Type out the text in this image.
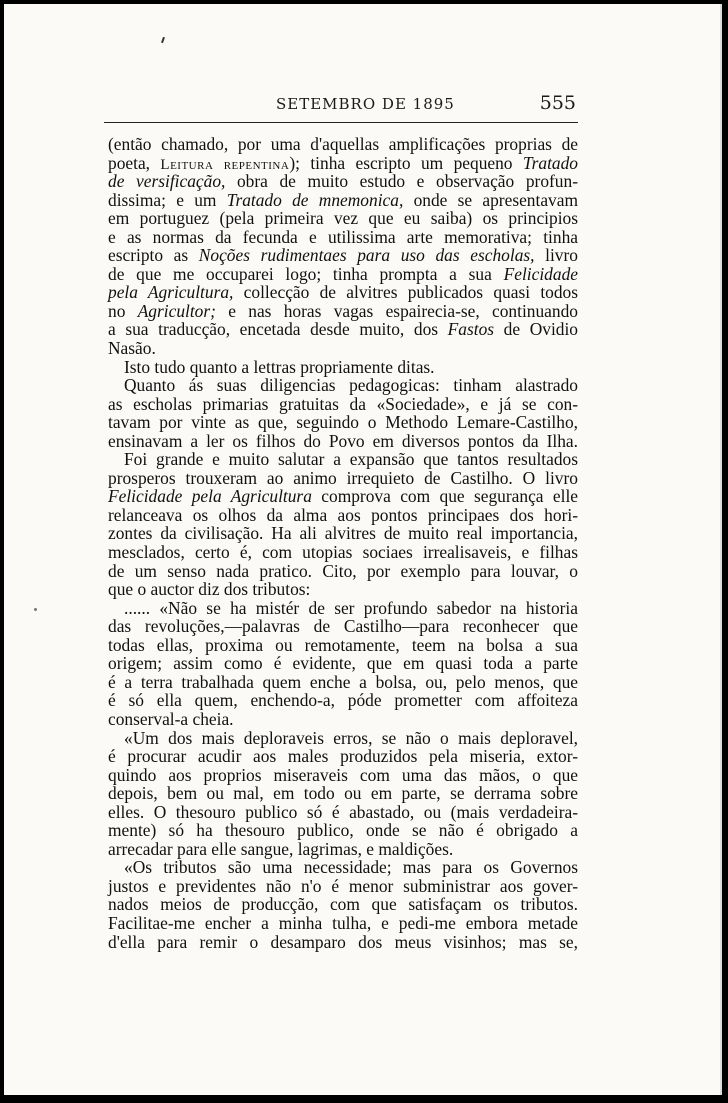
SETEMBRO DE 1895	555
(então chamado, por uma d'aquellas amplificações proprias de
poeta, Leitura repentina); tinha escripto um pequeno Tratado
de versificação, obra de muito estudo e observação profun-
dissima; e um Tratado de mnemonica, onde se apresentavam
em portuguez (pela primeira vez que eu saiba) os principios
e as normas da fecunda e utilissima arte memorativa; tinha
escripto as Noções rudimentaes para uso das escholas, livro
de que me occuparei logo; tinha prompta a sua Felicidade
pela Agricultura, collecção de alvitres publicados quasi todos
no Agricultor; e nas horas vagas espairecia-se, continuando
a sua traducção, encetada desde muito, dos Fastos de Ovidio
Nasão.
Isto tudo quanto a lettras propriamente ditas.
Quanto ás suas diligencias pedagogicas: tinham alastrado
as escholas primarias gratuitas da «Sociedade», e já se con-
tavam por vinte as que, seguindo o Methodo Lemare-Castilho,
ensinavam a ler os filhos do Povo em diversos pontos da Ilha.
Foi grande e muito salutar a expansão que tantos resultados
prosperos trouxeram ao animo irrequieto de Castilho. O livro
Felicidade pela Agricultura comprova com que segurança elle
relanceava os olhos da alma aos pontos principaes dos hori-
zontes da civilisação. Ha ali alvitres de muito real importancia,
mesclados, certo é, com utopias sociaes irrealisaveis, e filhas
de um senso nada pratico. Cito, por exemplo para louvar, o
que o auctor diz dos tributos:
...... «Não se ha mistér de ser profundo sabedor na historia
das revoluções,—palavras de Castilho—para reconhecer que
todas ellas, proxima ou remotamente, teem na bolsa a sua
origem; assim como é evidente, que em quasi toda a parte
é a terra trabalhada quem enche a bolsa, ou, pelo menos, que
é só ella quem, enchendo-a, póde prometter com affoiteza
conserval-a cheia.
«Um dos mais deploraveis erros, se não o mais deploravel,
é procurar acudir aos males produzidos pela miseria, extor-
quindo aos proprios miseraveis com uma das mãos, o que
depois, bem ou mal, em todo ou em parte, se derrama sobre
elles. O thesouro publico só é abastado, ou (mais verdadeira-
mente) só ha thesouro publico, onde se não é obrigado a
arrecadar para elle sangue, lagrimas, e maldições.
«Os tributos são uma necessidade; mas para os Governos
justos e previdentes não n'o é menor subministrar aos gover-
nados meios de producção, com que satisfaçam os tributos.
Facilitae-me encher a minha tulha, e pedi-me embora metade
d'ella para remir o desamparo dos meus visinhos; mas se,
